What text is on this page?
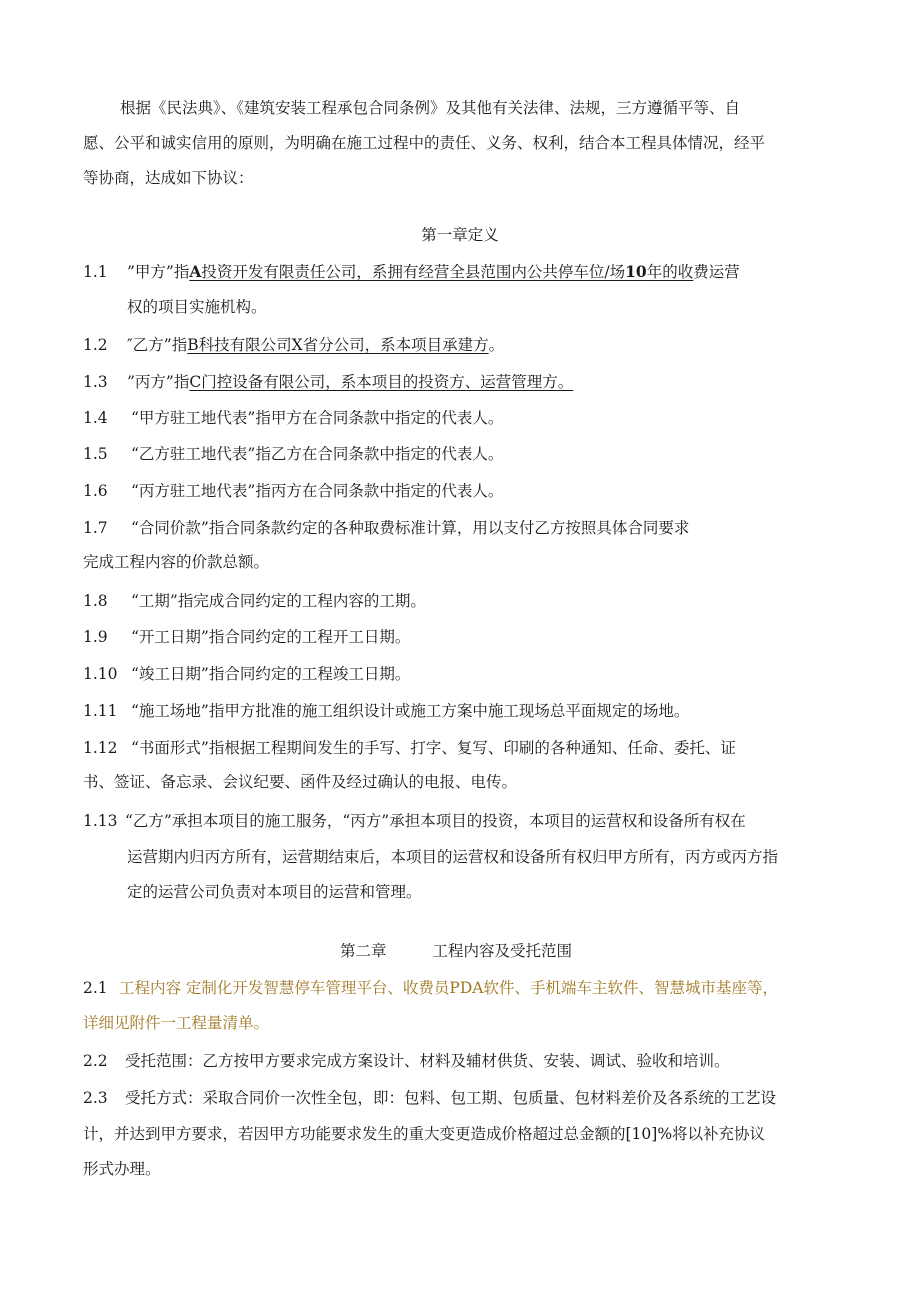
根据《民法典》、《建筑安装工程承包合同条例》及其他有关法律、法规，三方遵循平等、自
愿、公平和诚实信用的原则，为明确在施工过程中的责任、义务、权利，结合本工程具体情况，经平
等协商，达成如下协议：
第一章定义
1.1 ”甲方”指A投资开发有限责任公司，系拥有经营全县范围内公共停车位/场10年的收费运营
权的项目实施机构。
1.2 ″乙方”指B科技有限公司X省分公司，系本项目承建方。
1.3 ”丙方”指C门控设备有限公司，系本项目的投资方、运营管理方。
1.4 “甲方驻工地代表”指甲方在合同条款中指定的代表人。
1.5 “乙方驻工地代表”指乙方在合同条款中指定的代表人。
1.6 “丙方驻工地代表”指丙方在合同条款中指定的代表人。
1.7 “合同价款”指合同条款约定的各种取费标准计算，用以支付乙方按照具体合同要求
完成工程内容的价款总额。
1.8 “工期”指完成合同约定的工程内容的工期。
1.9 “开工日期”指合同约定的工程开工日期。
1.10 “竣工日期”指合同约定的工程竣工日期。
1.11 “施工场地”指甲方批准的施工组织设计或施工方案中施工现场总平面规定的场地。
1.12 “书面形式”指根据工程期间发生的手写、打字、复写、印刷的各种通知、任命、委托、证
书、签证、备忘录、会议纪要、函件及经过确认的电报、电传。
1.13 “乙方”承担本项目的施工服务，“丙方”承担本项目的投资，本项目的运营权和设备所有权在
运营期内归丙方所有，运营期结束后，本项目的运营权和设备所有权归甲方所有，丙方或丙方指
定的运营公司负责对本项目的运营和管理。
第二章	工程内容及受托范围
2.1 工程内容 定制化开发智慧停车管理平台、收费员PDA软件、手机端车主软件、智慧城市基座等，
详细见附件一工程量清单。
2.2 受托范围：乙方按甲方要求完成方案设计、材料及辅材供货、安装、调试、验收和培训。
2.3 受托方式：采取合同价一次性全包，即：包料、包工期、包质量、包材料差价及各系统的工艺设
计，并达到甲方要求，若因甲方功能要求发生的重大变更造成价格超过总金额的[10]%将以补充协议
形式办理。
